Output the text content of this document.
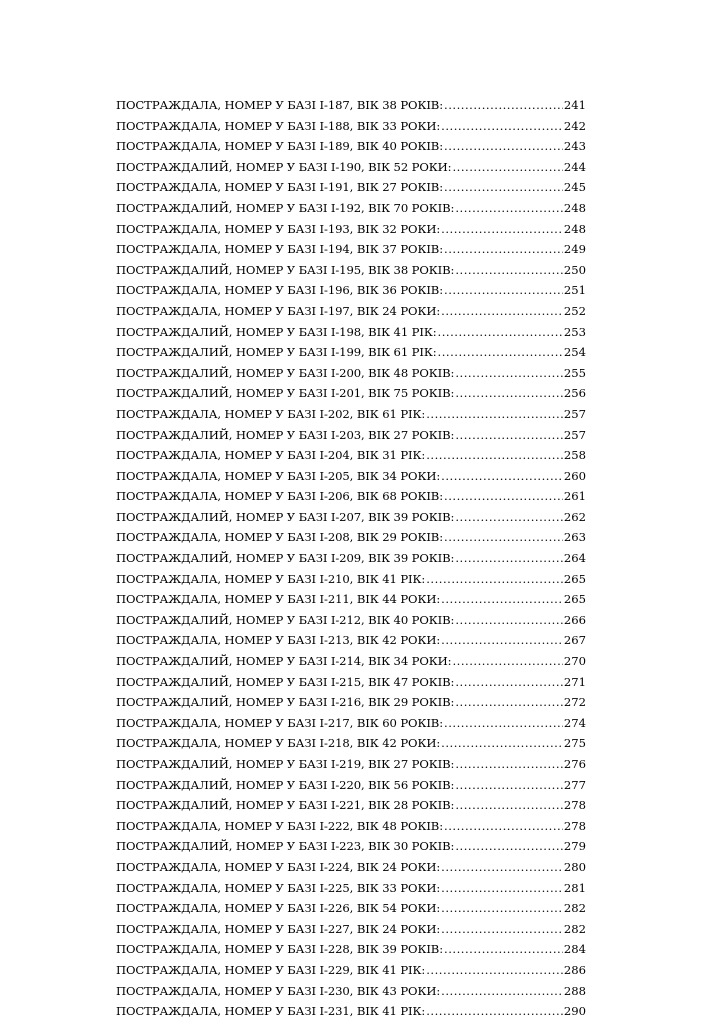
ПОСТРАЖДАЛА, НОМЕР У БАЗІ I-187, ВІК 38 РОКІВ: .....	241
ПОСТРАЖДАЛА, НОМЕР У БАЗІ I-188, ВІК 33 РОКИ: .....	242
ПОСТРАЖДАЛА, НОМЕР У БАЗІ I-189, ВІК 40 РОКІВ: .....	243
ПОСТРАЖДАЛИЙ, НОМЕР У БАЗІ I-190, ВІК 52 РОКИ: .....	244
ПОСТРАЖДАЛА, НОМЕР У БАЗІ I-191, ВІК 27 РОКІВ: .....	245
ПОСТРАЖДАЛИЙ, НОМЕР У БАЗІ I-192, ВІК 70 РОКІВ: .....	248
ПОСТРАЖДАЛА, НОМЕР У БАЗІ I-193, ВІК 32 РОКИ: .....	248
ПОСТРАЖДАЛА, НОМЕР У БАЗІ I-194, ВІК 37 РОКІВ: .....	249
ПОСТРАЖДАЛИЙ, НОМЕР У БАЗІ I-195, ВІК 38 РОКІВ: .....	250
ПОСТРАЖДАЛА, НОМЕР У БАЗІ I-196, ВІК 36 РОКІВ: .....	251
ПОСТРАЖДАЛА, НОМЕР У БАЗІ I-197, ВІК 24 РОКИ: .....	252
ПОСТРАЖДАЛИЙ, НОМЕР У БАЗІ I-198, ВІК 41 РІК: .....	253
ПОСТРАЖДАЛИЙ, НОМЕР У БАЗІ I-199, ВІК 61 РІК: .....	254
ПОСТРАЖДАЛИЙ, НОМЕР У БАЗІ I-200, ВІК 48 РОКІВ: .....	255
ПОСТРАЖДАЛИЙ, НОМЕР У БАЗІ I-201, ВІК 75 РОКІВ: .....	256
ПОСТРАЖДАЛА, НОМЕР У БАЗІ I-202, ВІК 61 РІК: .....	257
ПОСТРАЖДАЛИЙ, НОМЕР У БАЗІ I-203, ВІК 27 РОКІВ: .....	257
ПОСТРАЖДАЛА, НОМЕР У БАЗІ I-204, ВІК 31 РІК: .....	258
ПОСТРАЖДАЛА, НОМЕР У БАЗІ I-205, ВІК 34 РОКИ: .....	260
ПОСТРАЖДАЛА, НОМЕР У БАЗІ I-206, ВІК 68 РОКІВ: .....	261
ПОСТРАЖДАЛИЙ, НОМЕР У БАЗІ I-207, ВІК 39 РОКІВ: .....	262
ПОСТРАЖДАЛА, НОМЕР У БАЗІ I-208, ВІК 29 РОКІВ: .....	263
ПОСТРАЖДАЛИЙ, НОМЕР У БАЗІ I-209, ВІК 39 РОКІВ: .....	264
ПОСТРАЖДАЛА, НОМЕР У БАЗІ I-210, ВІК 41 РІК: .....	265
ПОСТРАЖДАЛА, НОМЕР У БАЗІ I-211, ВІК 44 РОКИ: .....	265
ПОСТРАЖДАЛИЙ, НОМЕР У БАЗІ I-212, ВІК 40 РОКІВ: .....	266
ПОСТРАЖДАЛА, НОМЕР У БАЗІ I-213, ВІК 42 РОКИ: .....	267
ПОСТРАЖДАЛИЙ, НОМЕР У БАЗІ I-214, ВІК 34 РОКИ: .....	270
ПОСТРАЖДАЛИЙ, НОМЕР У БАЗІ I-215, ВІК 47 РОКІВ: .....	271
ПОСТРАЖДАЛИЙ, НОМЕР У БАЗІ I-216, ВІК 29 РОКІВ: .....	272
ПОСТРАЖДАЛА, НОМЕР У БАЗІ I-217, ВІК 60 РОКІВ: .....	274
ПОСТРАЖДАЛА, НОМЕР У БАЗІ I-218, ВІК 42 РОКИ: .....	275
ПОСТРАЖДАЛИЙ, НОМЕР У БАЗІ I-219, ВІК 27 РОКІВ: .....	276
ПОСТРАЖДАЛИЙ, НОМЕР У БАЗІ I-220, ВІК 56 РОКІВ: .....	277
ПОСТРАЖДАЛИЙ, НОМЕР У БАЗІ I-221, ВІК 28 РОКІВ: .....	278
ПОСТРАЖДАЛА, НОМЕР У БАЗІ I-222, ВІК 48 РОКІВ: .....	278
ПОСТРАЖДАЛИЙ, НОМЕР У БАЗІ I-223, ВІК 30 РОКІВ: .....	279
ПОСТРАЖДАЛА, НОМЕР У БАЗІ I-224, ВІК 24 РОКИ: .....	280
ПОСТРАЖДАЛА, НОМЕР У БАЗІ I-225, ВІК 33 РОКИ: .....	281
ПОСТРАЖДАЛА, НОМЕР У БАЗІ I-226, ВІК 54 РОКИ: .....	282
ПОСТРАЖДАЛА, НОМЕР У БАЗІ I-227, ВІК 24 РОКИ: .....	282
ПОСТРАЖДАЛА, НОМЕР У БАЗІ I-228, ВІК 39 РОКІВ: .....	284
ПОСТРАЖДАЛА, НОМЕР У БАЗІ I-229, ВІК 41 РІК: .....	286
ПОСТРАЖДАЛА, НОМЕР У БАЗІ I-230, ВІК 43 РОКИ: .....	288
ПОСТРАЖДАЛА, НОМЕР У БАЗІ I-231, ВІК 41 РІК: .....	290
